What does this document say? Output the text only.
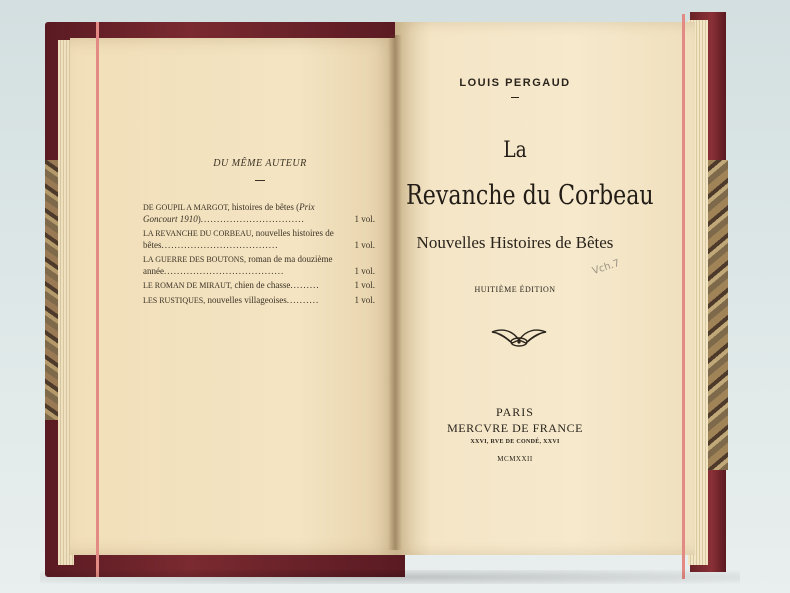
DU MÊME AUTEUR
DE GOUPIL A MARGOT, histoires de bêtes (Prix Goncourt 1910)................................	1 vol.
LA REVANCHE DU CORBEAU, nouvelles histoires de bêtes....................................	1 vol.
LA GUERRE DES BOUTONS, roman de ma douzième année.....................................	1 vol.
LE ROMAN DE MIRAUT, chien de chasse.........	1 vol.
LES RUSTIQUES, nouvelles villageoises..........	1 vol.
LOUIS PERGAUD
La
Revanche du Corbeau
Nouvelles Histoires de Bêtes
Vch.7
HUITIÈME ÉDITION
PARIS
MERCVRE DE FRANCE
XXVI, RVE DE CONDÉ, XXVI
MCMXXII
